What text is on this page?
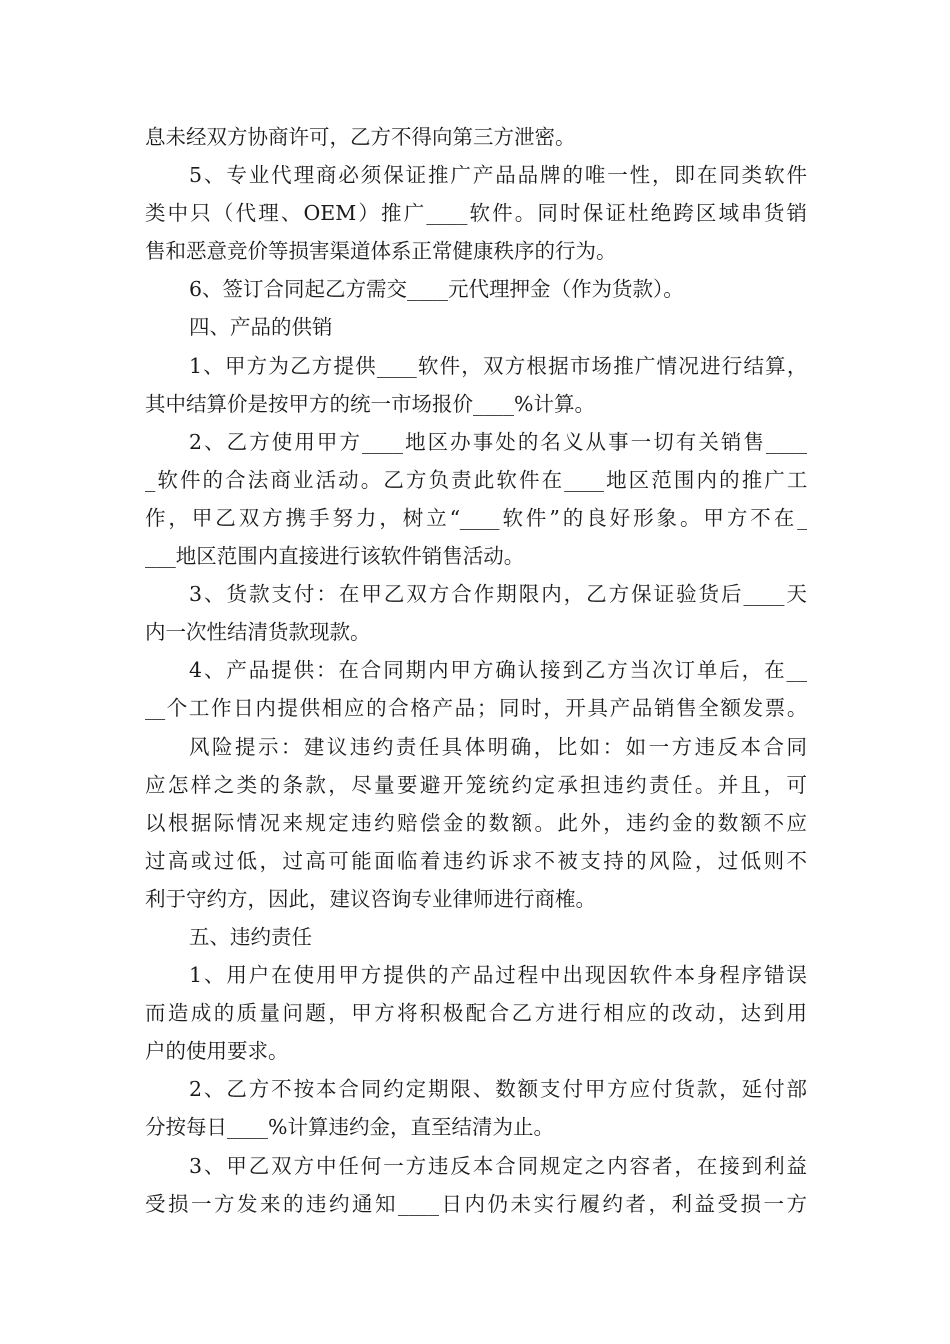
息未经双方协商许可，乙方不得向第三方泄密。
5、专业代理商必须保证推广产品品牌的唯一性，即在同类软件
类中只（代理、OEM）推广____软件。同时保证杜绝跨区域串货销
售和恶意竞价等损害渠道体系正常健康秩序的行为。
6、签订合同起乙方需交____元代理押金（作为货款）。
四、产品的供销
1、甲方为乙方提供____软件，双方根据市场推广情况进行结算，
其中结算价是按甲方的统一市场报价____%计算。
2、乙方使用甲方____地区办事处的名义从事一切有关销售____
_软件的合法商业活动。乙方负责此软件在____地区范围内的推广工
作，甲乙双方携手努力，树立“____软件”的良好形象。甲方不在_
___地区范围内直接进行该软件销售活动。
3、货款支付：在甲乙双方合作期限内，乙方保证验货后____天
内一次性结清货款现款。
4、产品提供：在合同期内甲方确认接到乙方当次订单后，在__
__个工作日内提供相应的合格产品；同时，开具产品销售全额发票。
风险提示：建议违约责任具体明确，比如：如一方违反本合同
应怎样之类的条款，尽量要避开笼统约定承担违约责任。并且，可
以根据际情况来规定违约赔偿金的数额。此外，违约金的数额不应
过高或过低，过高可能面临着违约诉求不被支持的风险，过低则不
利于守约方，因此，建议咨询专业律师进行商榷。
五、违约责任
1、用户在使用甲方提供的产品过程中出现因软件本身程序错误
而造成的质量问题，甲方将积极配合乙方进行相应的改动，达到用
户的使用要求。
2、乙方不按本合同约定期限、数额支付甲方应付货款，延付部
分按每日____%计算违约金，直至结清为止。
3、甲乙双方中任何一方违反本合同规定之内容者，在接到利益
受损一方发来的违约通知____日内仍未实行履约者，利益受损一方
